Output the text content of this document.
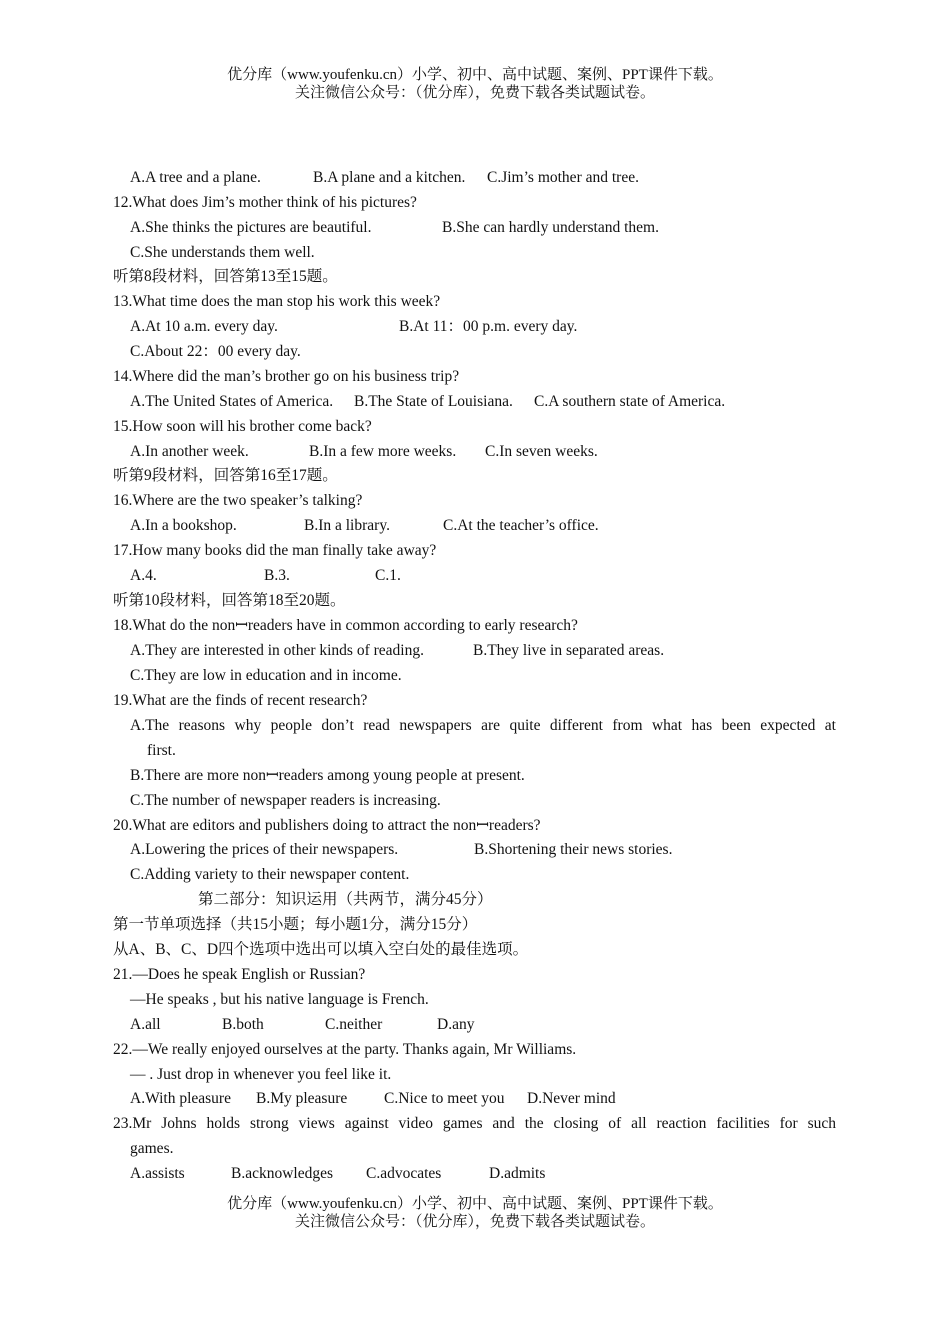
优分库（www.youfenku.cn）小学、初中、高中试题、案例、PPT课件下载。
关注微信公众号：（优分库），免费下载各类试题试卷。
A.A tree and a plane.	B.A plane and a kitchen. C.Jim’s mother and tree.
12.What does Jim’s mother think of his pictures?
A.She thinks the pictures are beautiful.	B.She can hardly understand them.
C.She understands them well.
听第8段材料，回答第13至15题。
13.What time does the man stop his work this week?
A.At 10 a.m. every day.	B.At 11：00 p.m. every day.
C.About 22：00 every day.
14.Where did the man’s brother go on his business trip?
A.The United States of America. B.The State of Louisiana. C.A southern state of America.
15.How soon will his brother come back?
A.In another week.	B.In a few more weeks. C.In seven weeks.
听第9段材料，回答第16至17题。
16.Where are the two speaker’s talking?
A.In a bookshop.	B.In a library.	C.At the teacher’s office.
17.How many books did the man finally take away?
A.4.	B.3.	C.1.
听第10段材料，回答第18至20题。
18.What do the nonꟷreaders have in common according to early research?
A.They are interested in other kinds of reading.	B.They live in separated areas.
C.They are low in education and in income.
19.What are the finds of recent research?
A.The reasons why people don’t read newspapers are quite different from what has been expected at
first.
B.There are more nonꟷreaders among young people at present.
C.The number of newspaper readers is increasing.
20.What are editors and publishers doing to attract the nonꟷreaders?
A.Lowering the prices of their newspapers.	B.Shortening their news stories.
C.Adding variety to their newspaper content.
第二部分：知识运用（共两节，满分45分）
第一节单项选择（共15小题；每小题1分，满分15分）
从A、B、C、D四个选项中选出可以填入空白处的最佳选项。
21.—Does he speak English or Russian?
—He speaks , but his native language is French.
A.all	B.both	C.neither	D.any
22.—We really enjoyed ourselves at the party. Thanks again, Mr Williams.
— . Just drop in whenever you feel like it.
A.With pleasure B.My pleasure C.Nice to meet you D.Never mind
23.Mr Johns holds strong views against video games and the closing of all reaction facilities for such
games.
A.assists	B.acknowledges C.advocates	D.admits
优分库（www.youfenku.cn）小学、初中、高中试题、案例、PPT课件下载。
关注微信公众号：（优分库），免费下载各类试题试卷。
